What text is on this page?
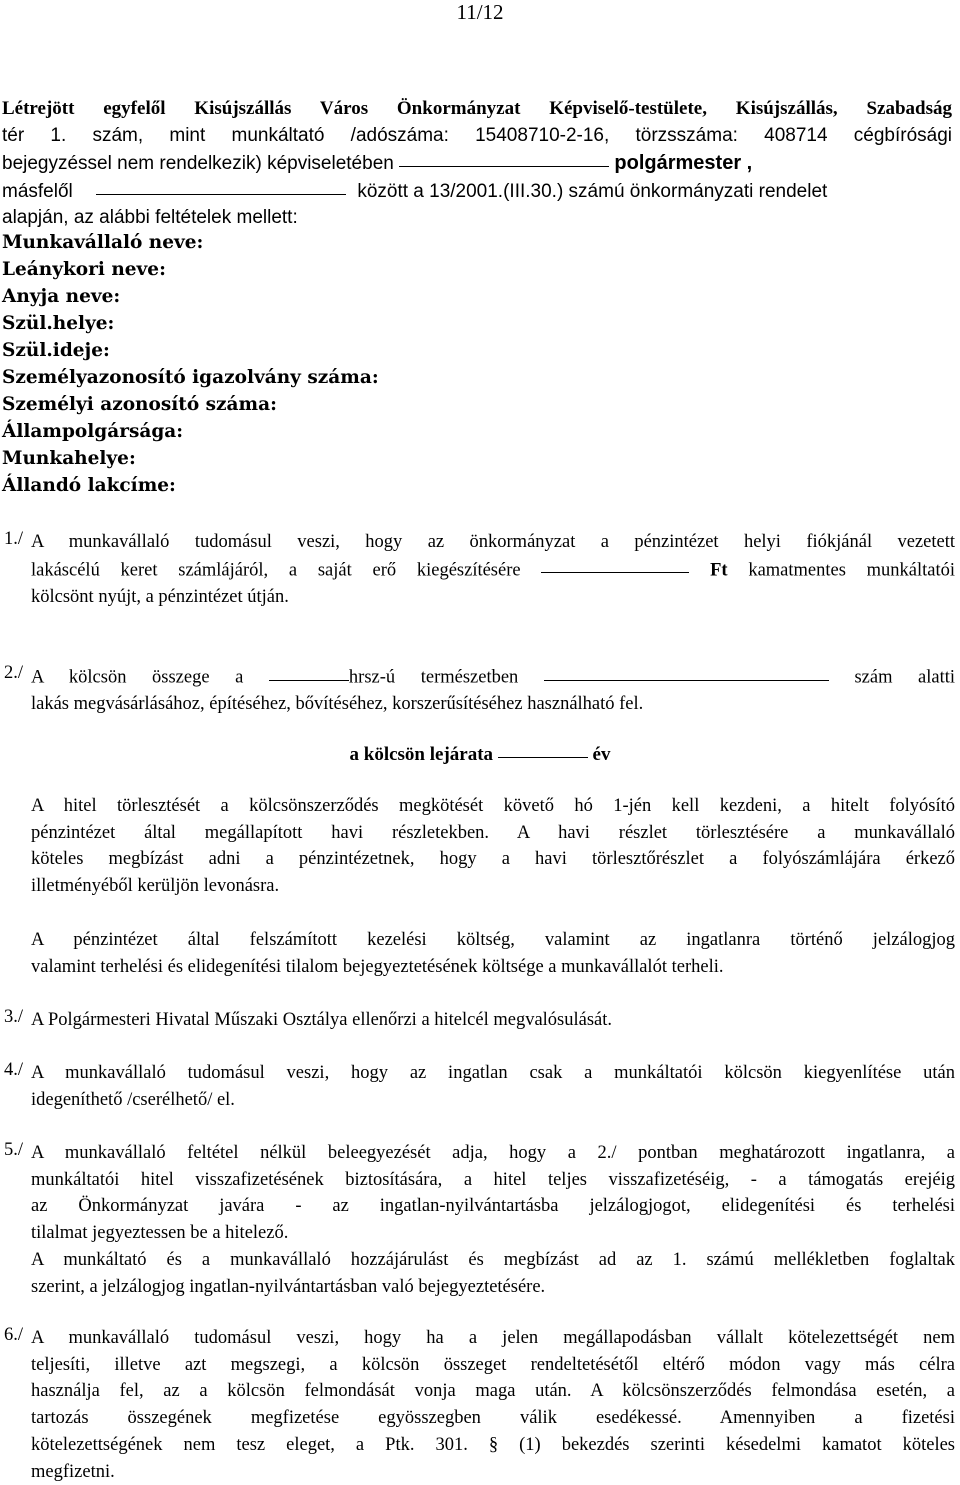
11/12
Létrejött egyfelől Kisújszállás Város Önkormányzat Képviselő-testülete, Kisújszállás, Szabadság
tér 1. szám, mint munkáltató /adószáma: 15408710-2-16, törzsszáma: 408714 cégbírósági
bejegyzéssel nem rendelkezik) képviseletében	polgármester ,
másfelől	között a 13/2001.(III.30.) számú önkormányzati rendelet
alapján, az alábbi feltételek mellett:
Munkavállaló neve:
Leánykori neve:
Anyja neve:
Szül.helye:
Szül.ideje:
Személyazonosító igazolvány száma:
Személyi azonosító száma:
Állampolgársága:
Munkahelye:
Állandó lakcíme:
1./ A munkavállaló tudomásul veszi, hogy az önkormányzat a pénzintézet helyi fiókjánál vezetett
lakáscélú keret számlájáról, a saját erő kiegészítésére	Ft kamatmentes munkáltatói
kölcsönt nyújt, a pénzintézet útján.
2./ A kölcsön összege a	hrsz-ú természetben	szám alatti
lakás megvásárlásához, építéséhez, bővítéséhez, korszerűsítéséhez használható fel.
a kölcsön lejárata	év
A hitel törlesztését a kölcsönszerződés megkötését követő hó 1-jén kell kezdeni, a hitelt folyósító
pénzintézet által megállapított havi részletekben. A havi részlet törlesztésére a munkavállaló
köteles megbízást adni a pénzintézetnek, hogy a havi törlesztőrészlet a folyószámlájára érkező
illetményéből kerüljön levonásra.
A pénzintézet által felszámított kezelési költség, valamint az ingatlanra történő jelzálogjog
valamint terhelési és elidegenítési tilalom bejegyeztetésének költsége a munkavállalót terheli.
3./ A Polgármesteri Hivatal Műszaki Osztálya ellenőrzi a hitelcél megvalósulását.
4./ A munkavállaló tudomásul veszi, hogy az ingatlan csak a munkáltatói kölcsön kiegyenlítése után
idegeníthető /cserélhető/ el.
5./ A munkavállaló feltétel nélkül beleegyezését adja, hogy a 2./ pontban meghatározott ingatlanra, a
munkáltatói hitel visszafizetésének biztosítására, a hitel teljes visszafizetéséig, - a támogatás erejéig
az Önkormányzat javára - az ingatlan-nyilvántartásba jelzálogjogot, elidegenítési és terhelési
tilalmat jegyeztessen be a hitelező.
A munkáltató és a munkavállaló hozzájárulást és megbízást ad az 1. számú mellékletben foglaltak
szerint, a jelzálogjog ingatlan-nyilvántartásban való bejegyeztetésére.
6./ A munkavállaló tudomásul veszi, hogy ha a jelen megállapodásban vállalt kötelezettségét nem
teljesíti, illetve azt megszegi, a kölcsön összeget rendeltetésétől eltérő módon vagy más célra
használja fel, az a kölcsön felmondását vonja maga után. A kölcsönszerződés felmondása esetén, a
tartozás összegének megfizetése egyösszegben válik esedékessé. Amennyiben a fizetési
kötelezettségének nem tesz eleget, a Ptk. 301. § (1) bekezdés szerinti késedelmi kamatot köteles
megfizetni.
